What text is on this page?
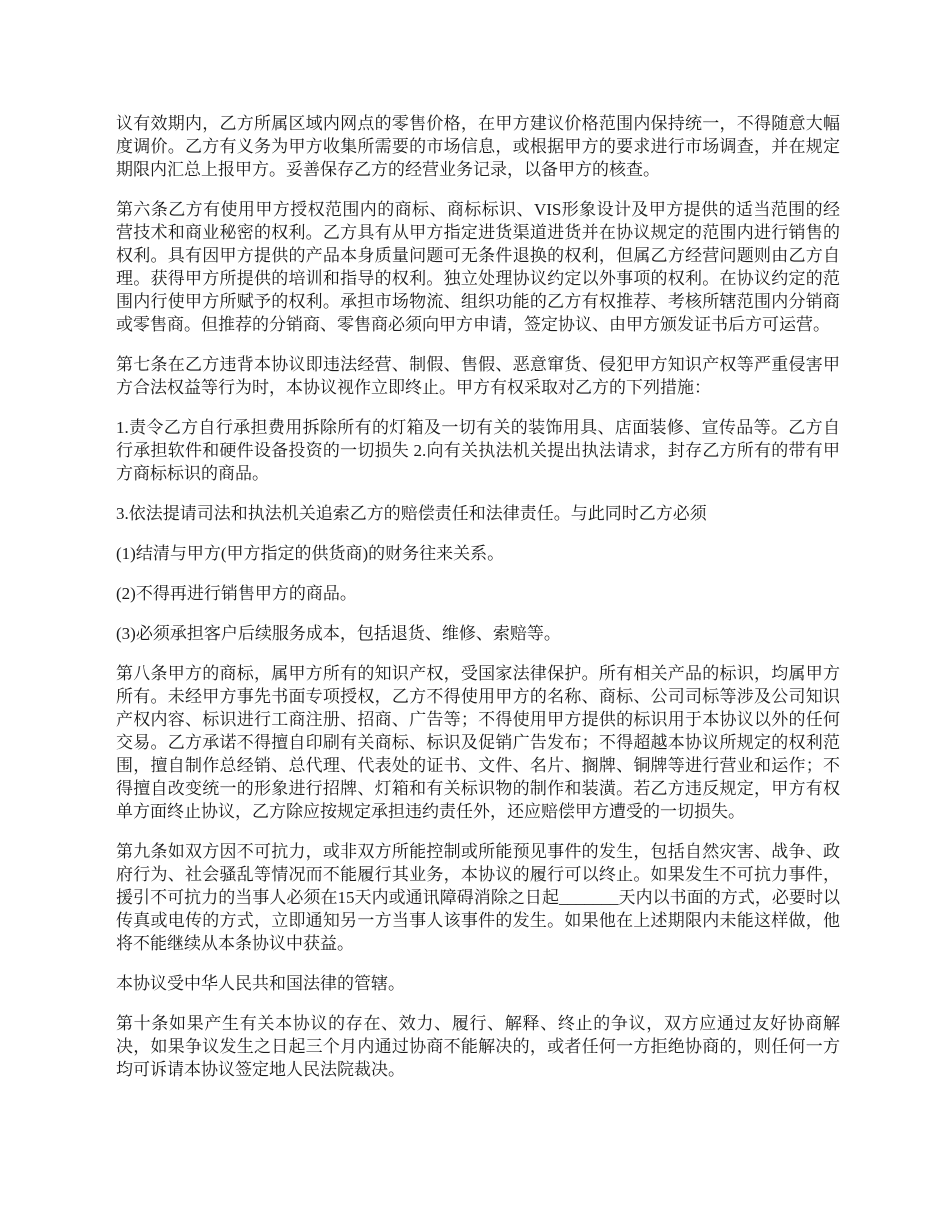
议有效期内，乙方所属区域内网点的零售价格，在甲方建议价格范围内保持统一，不得随意大幅度调价。乙方有义务为甲方收集所需要的市场信息，或根据甲方的要求进行市场调查，并在规定期限内汇总上报甲方。妥善保存乙方的经营业务记录，以备甲方的核查。

第六条乙方有使用甲方授权范围内的商标、商标标识、VIS形象设计及甲方提供的适当范围的经营技术和商业秘密的权利。乙方具有从甲方指定进货渠道进货并在协议规定的范围内进行销售的权利。具有因甲方提供的产品本身质量问题可无条件退换的权利，但属乙方经营问题则由乙方自理。获得甲方所提供的培训和指导的权利。独立处理协议约定以外事项的权利。在协议约定的范围内行使甲方所赋予的权利。承担市场物流、组织功能的乙方有权推荐、考核所辖范围内分销商或零售商。但推荐的分销商、零售商必须向甲方申请，签定协议、由甲方颁发证书后方可运营。

第七条在乙方违背本协议即违法经营、制假、售假、恶意窜货、侵犯甲方知识产权等严重侵害甲方合法权益等行为时，本协议视作立即终止。甲方有权采取对乙方的下列措施：

1.责令乙方自行承担费用拆除所有的灯箱及一切有关的装饰用具、店面装修、宣传品等。乙方自行承担软件和硬件设备投资的一切损失 2.向有关执法机关提出执法请求，封存乙方所有的带有甲方商标标识的商品。

3.依法提请司法和执法机关追索乙方的赔偿责任和法律责任。与此同时乙方必须

(1)结清与甲方(甲方指定的供货商)的财务往来关系。

(2)不得再进行销售甲方的商品。

(3)必须承担客户后续服务成本，包括退货、维修、索赔等。

第八条甲方的商标，属甲方所有的知识产权，受国家法律保护。所有相关产品的标识，均属甲方所有。未经甲方事先书面专项授权，乙方不得使用甲方的名称、商标、公司司标等涉及公司知识产权内容、标识进行工商注册、招商、广告等；不得使用甲方提供的标识用于本协议以外的任何交易。乙方承诺不得擅自印刷有关商标、标识及促销广告发布；不得超越本协议所规定的权利范围，擅自制作总经销、总代理、代表处的证书、文件、名片、搁牌、铜牌等进行营业和运作；不得擅自改变统一的形象进行招牌、灯箱和有关标识物的制作和装潢。若乙方违反规定，甲方有权单方面终止协议，乙方除应按规定承担违约责任外，还应赔偿甲方遭受的一切损失。

第九条如双方因不可抗力，或非双方所能控制或所能预见事件的发生，包括自然灾害、战争、政府行为、社会骚乱等情况而不能履行其业务，本协议的履行可以终止。如果发生不可抗力事件，援引不可抗力的当事人必须在15天内或通讯障碍消除之日起_______天内以书面的方式，必要时以传真或电传的方式，立即通知另一方当事人该事件的发生。如果他在上述期限内未能这样做，他将不能继续从本条协议中获益。

本协议受中华人民共和国法律的管辖。

第十条如果产生有关本协议的存在、效力、履行、解释、终止的争议，双方应通过友好协商解决，如果争议发生之日起三个月内通过协商不能解决的，或者任何一方拒绝协商的，则任何一方均可诉请本协议签定地人民法院裁决。
